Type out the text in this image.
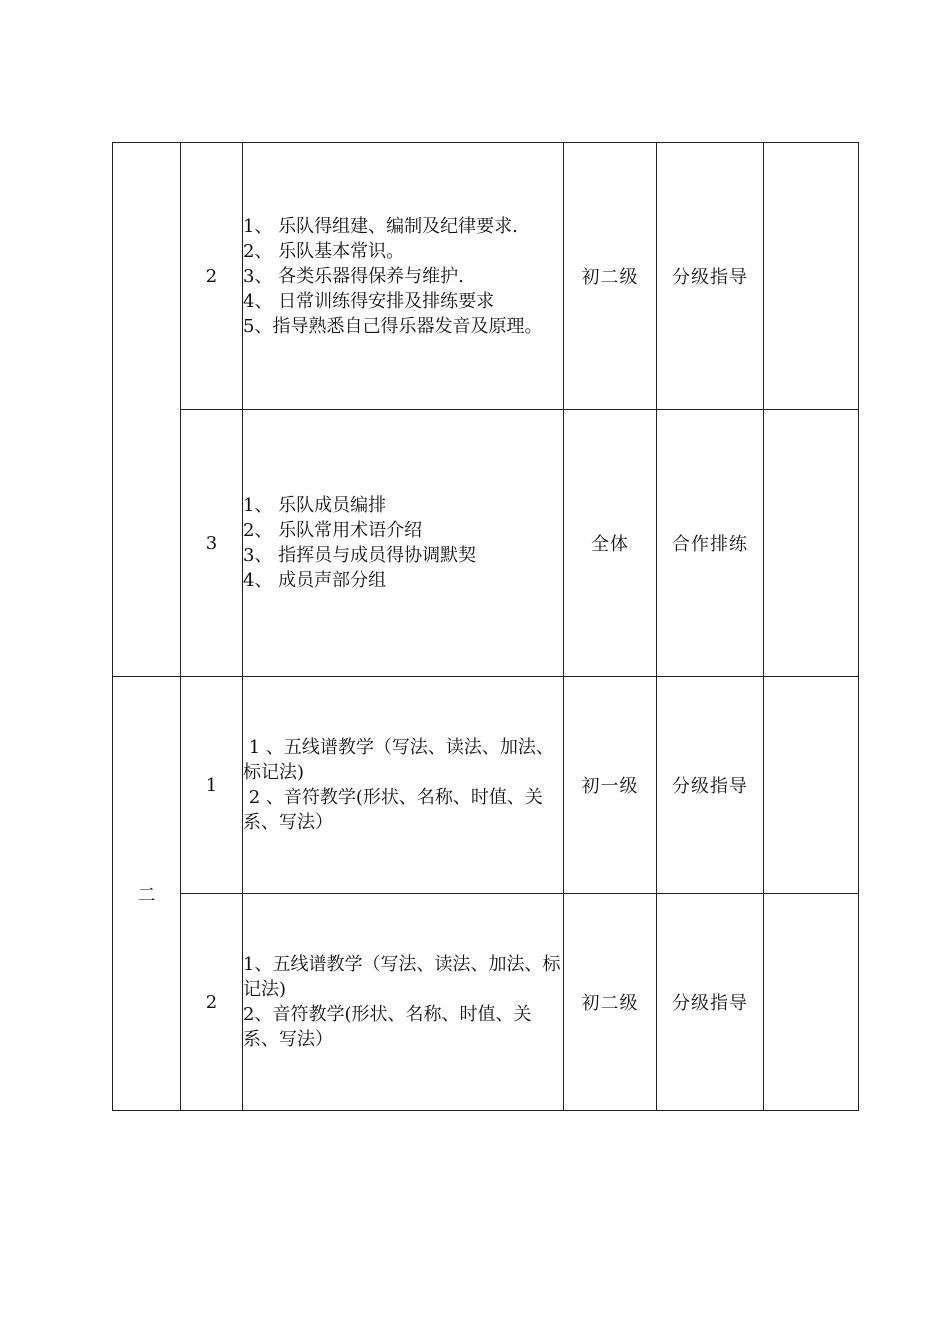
	2	1、 乐队得组建、编制及纪律要求.
2、 乐队基本常识。
3、 各类乐器得保养与维护.
4、 日常训练得安排及排练要求
5、指导熟悉自己得乐器发音及原理。	初二级	分级指导	
	3	1、 乐队成员编排
2、 乐队常用术语介绍
3、 指挥员与成员得协调默契
4、 成员声部分组	全体	合作排练	
二	1	1 、五线谱教学（写法、读法、加法、标记法)
2 、音符教学(形状、名称、时值、关系、写法）	初一级	分级指导	
	2	1、五线谱教学（写法、读法、加法、标记法)
2、音符教学(形状、名称、时值、关系、写法）	初二级	分级指导	
